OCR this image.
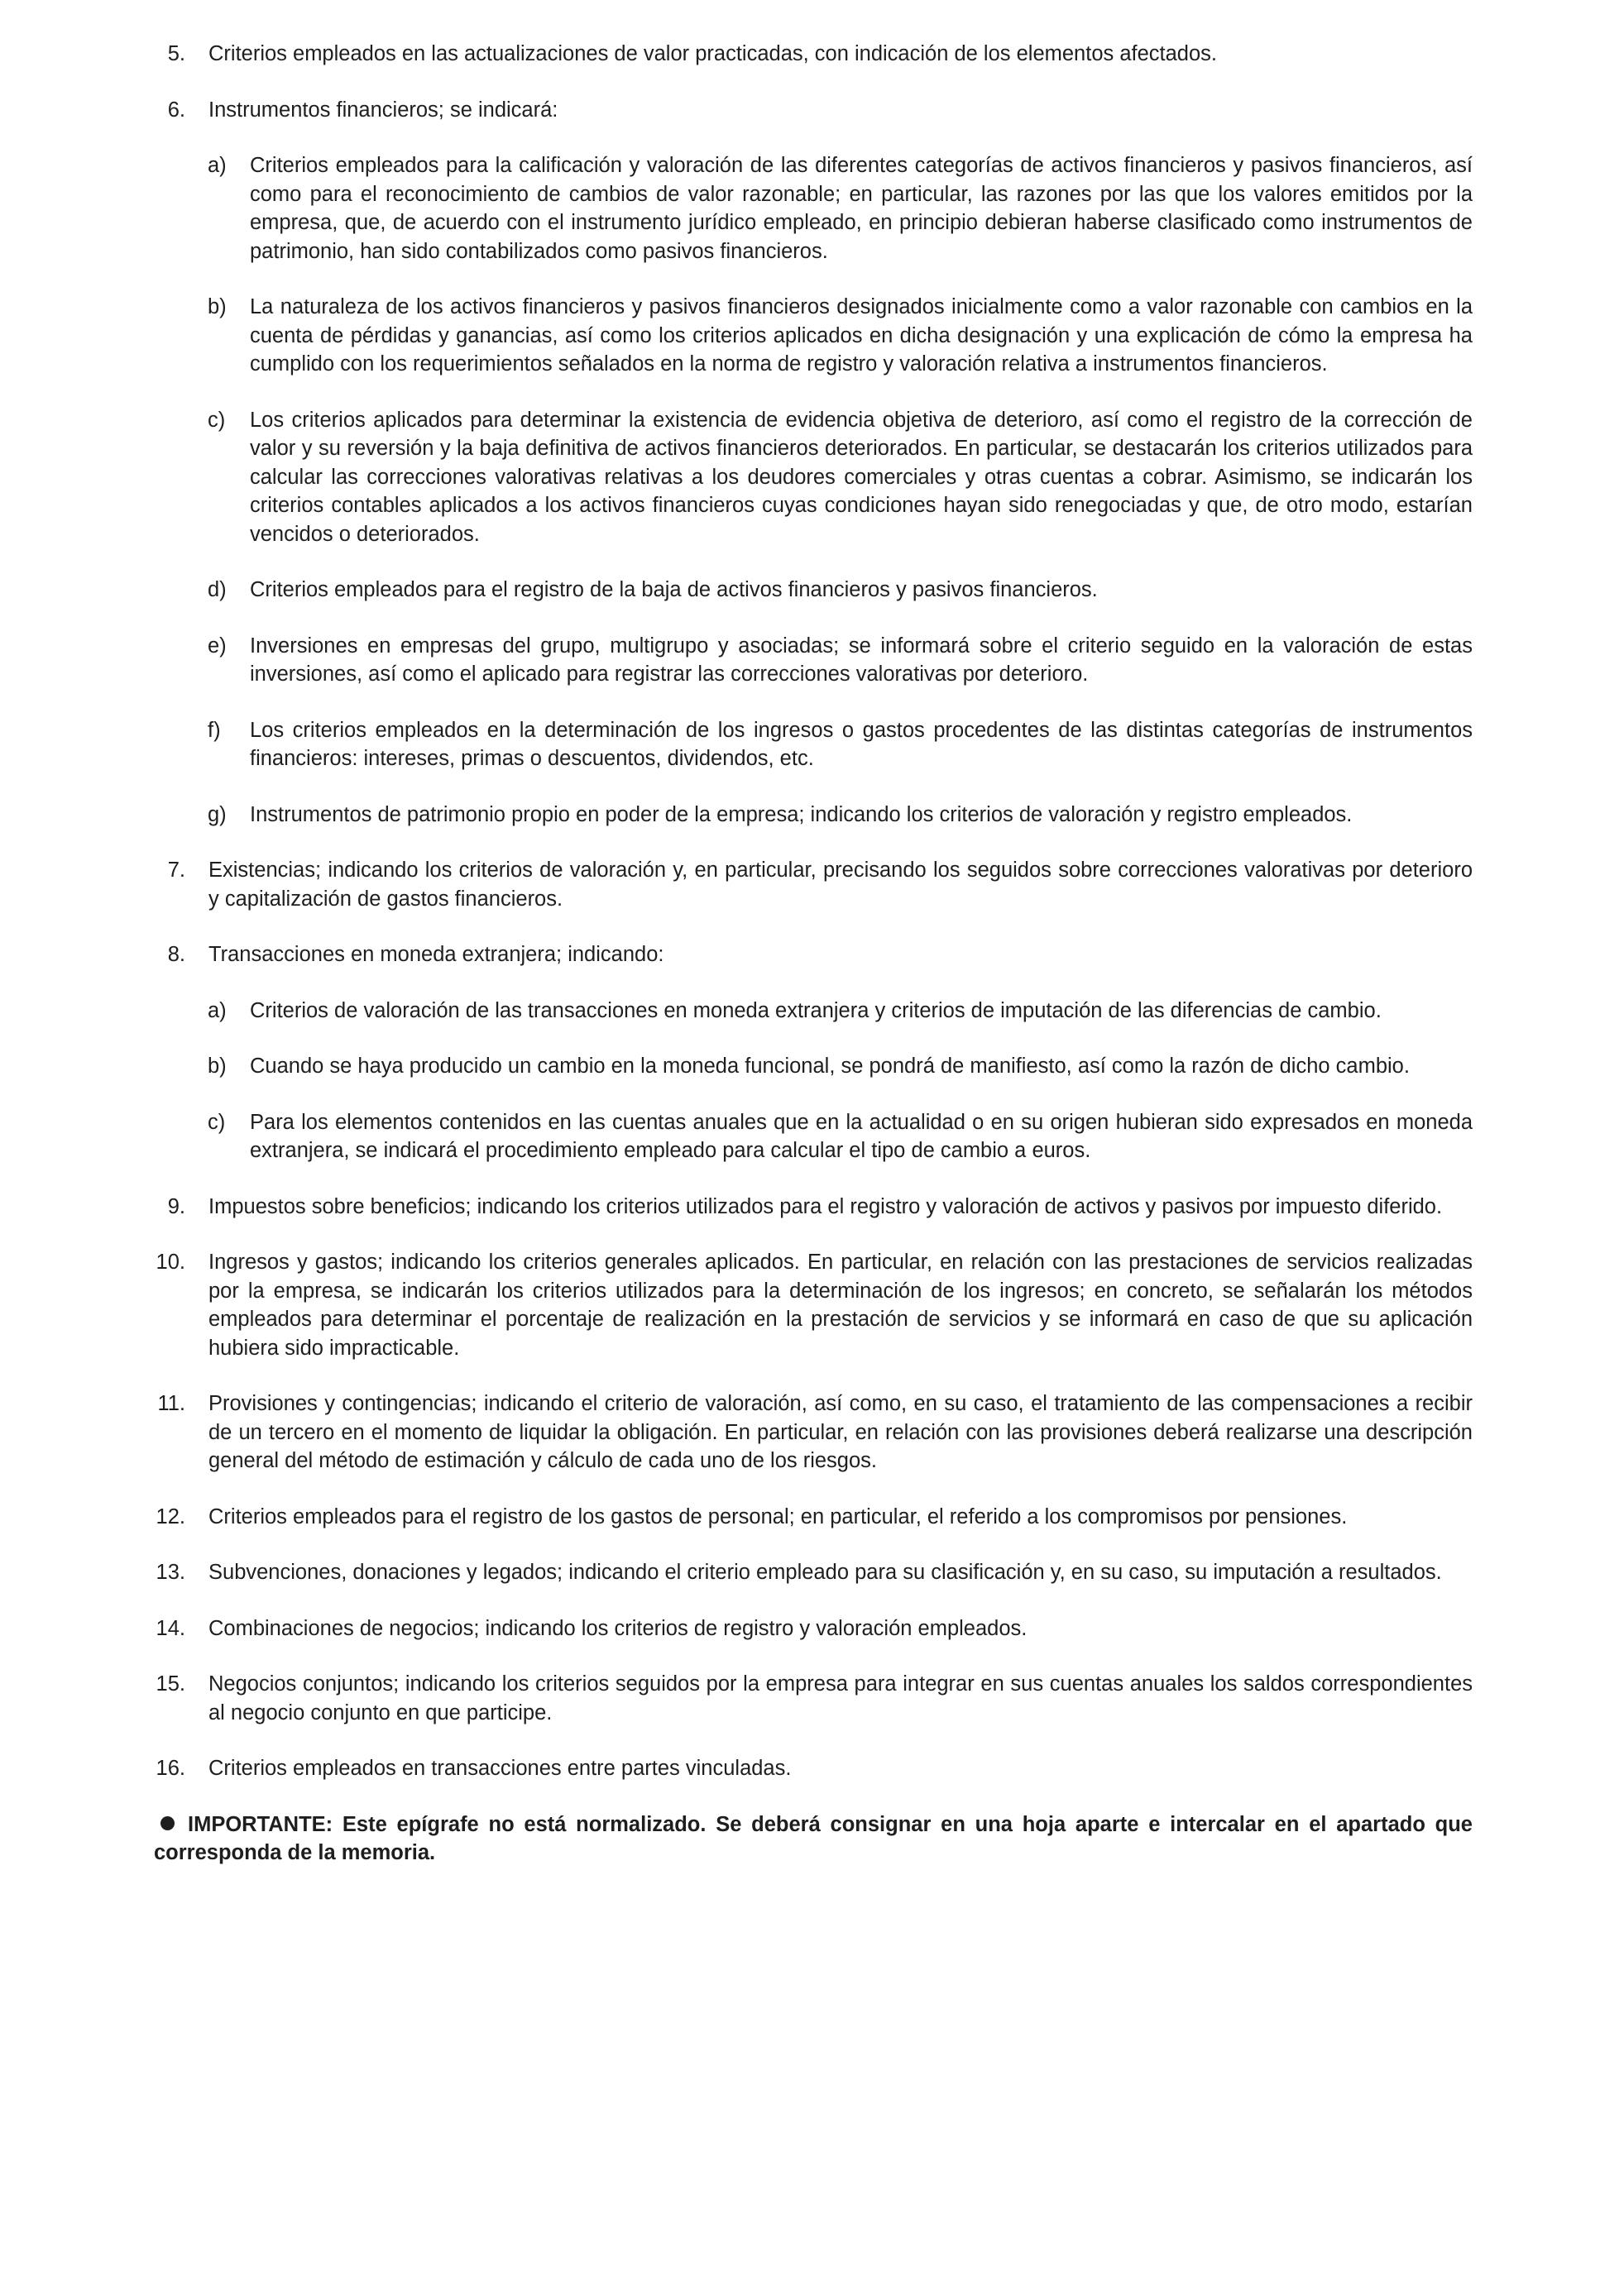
5. Criterios empleados en las actualizaciones de valor practicadas, con indicación de los elementos afectados.
6. Instrumentos financieros; se indicará:
a) Criterios empleados para la calificación y valoración de las diferentes categorías de activos financieros y pasivos financieros, así como para el reconocimiento de cambios de valor razonable; en particular, las razones por las que los valores emitidos por la empresa, que, de acuerdo con el instrumento jurídico empleado, en principio debieran haberse clasificado como instrumentos de patrimonio, han sido contabilizados como pasivos financieros.
b) La naturaleza de los activos financieros y pasivos financieros designados inicialmente como a valor razonable con cambios en la cuenta de pérdidas y ganancias, así como los criterios aplicados en dicha designación y una explicación de cómo la empresa ha cumplido con los requerimientos señalados en la norma de registro y valoración relativa a instrumentos financieros.
c) Los criterios aplicados para determinar la existencia de evidencia objetiva de deterioro, así como el registro de la corrección de valor y su reversión y la baja definitiva de activos financieros deteriorados. En particular, se destacarán los criterios utilizados para calcular las correcciones valorativas relativas a los deudores comerciales y otras cuentas a cobrar. Asimismo, se indicarán los criterios contables aplicados a los activos financieros cuyas condiciones hayan sido renegociadas y que, de otro modo, estarían vencidos o deteriorados.
d) Criterios empleados para el registro de la baja de activos financieros y pasivos financieros.
e) Inversiones en empresas del grupo, multigrupo y asociadas; se informará sobre el criterio seguido en la valoración de estas inversiones, así como el aplicado para registrar las correcciones valorativas por deterioro.
f) Los criterios empleados en la determinación de los ingresos o gastos procedentes de las distintas categorías de instrumentos financieros: intereses, primas o descuentos, dividendos, etc.
g) Instrumentos de patrimonio propio en poder de la empresa; indicando los criterios de valoración y registro empleados.
7. Existencias; indicando los criterios de valoración y, en particular, precisando los seguidos sobre correcciones valorativas por deterioro y capitalización de gastos financieros.
8. Transacciones en moneda extranjera; indicando:
a) Criterios de valoración de las transacciones en moneda extranjera y criterios de imputación de las diferencias de cambio.
b) Cuando se haya producido un cambio en la moneda funcional, se pondrá de manifiesto, así como la razón de dicho cambio.
c) Para los elementos contenidos en las cuentas anuales que en la actualidad o en su origen hubieran sido expresados en moneda extranjera, se indicará el procedimiento empleado para calcular el tipo de cambio a euros.
9. Impuestos sobre beneficios; indicando los criterios utilizados para el registro y valoración de activos y pasivos por impuesto diferido.
10. Ingresos y gastos; indicando los criterios generales aplicados. En particular, en relación con las prestaciones de servicios realizadas por la empresa, se indicarán los criterios utilizados para la determinación de los ingresos; en concreto, se señalarán los métodos empleados para determinar el porcentaje de realización en la prestación de servicios y se informará en caso de que su aplicación hubiera sido impracticable.
11. Provisiones y contingencias; indicando el criterio de valoración, así como, en su caso, el tratamiento de las compensaciones a recibir de un tercero en el momento de liquidar la obligación. En particular, en relación con las provisiones deberá realizarse una descripción general del método de estimación y cálculo de cada uno de los riesgos.
12. Criterios empleados para el registro de los gastos de personal; en particular, el referido a los compromisos por pensiones.
13. Subvenciones, donaciones y legados; indicando el criterio empleado para su clasificación y, en su caso, su imputación a resultados.
14. Combinaciones de negocios; indicando los criterios de registro y valoración empleados.
15. Negocios conjuntos; indicando los criterios seguidos por la empresa para integrar en sus cuentas anuales los saldos correspondientes al negocio conjunto en que participe.
16. Criterios empleados en transacciones entre partes vinculadas.
IMPORTANTE: Este epígrafe no está normalizado. Se deberá consignar en una hoja aparte e intercalar en el apartado que corresponda de la memoria.
